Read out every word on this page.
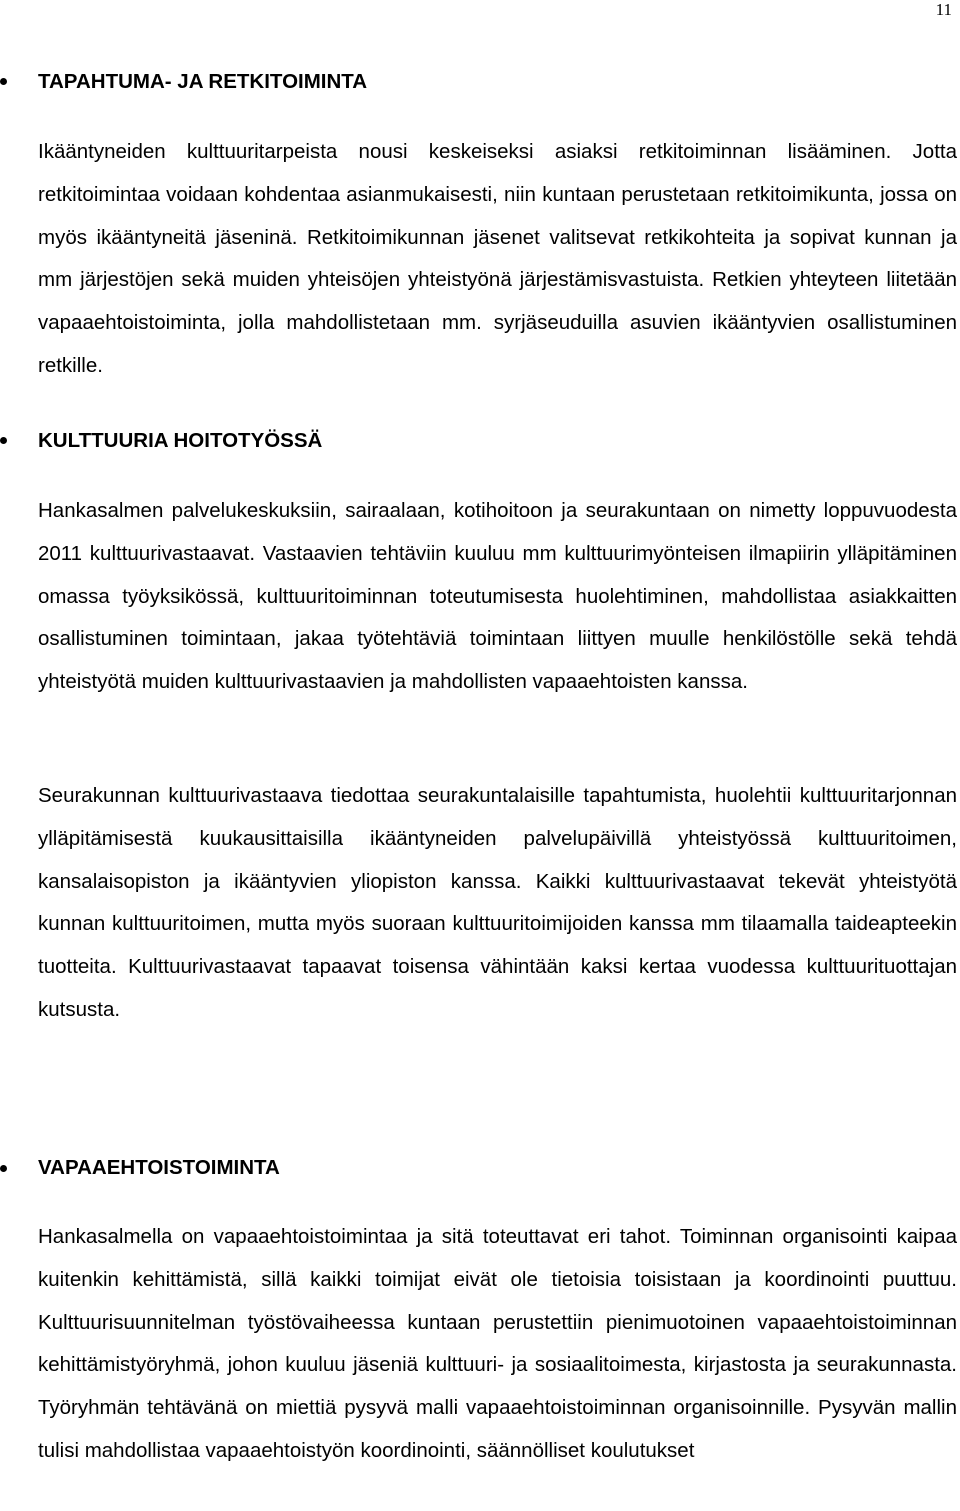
11
TAPAHTUMA- JA RETKITOIMINTA

Ikääntyneiden kulttuuritarpeista nousi keskeiseksi asiaksi retkitoiminnan lisääminen. Jotta retkitoimintaa voidaan kohdentaa asianmukaisesti, niin kuntaan perustetaan retkitoimikunta, jossa on myös ikääntyneitä jäseninä. Retkitoimikunnan jäsenet valitsevat retkikohteita ja sopivat kunnan ja mm järjestöjen sekä muiden yhteisöjen yhteistyönä järjestämisvastuista. Retkien yhteyteen liitetään vapaaehtoistoiminta, jolla mahdollistetaan mm. syrjäseuduilla asuvien ikääntyvien osallistuminen retkille.

KULTTUURIA HOITOTYÖSSÄ

Hankasalmen palvelukeskuksiin, sairaalaan, kotihoitoon ja seurakuntaan on nimetty loppuvuodesta 2011 kulttuurivastaavat. Vastaavien tehtäviin kuuluu mm kulttuurimyönteisen ilmapiirin ylläpitäminen omassa työyksikössä, kulttuuritoiminnan toteutumisesta huolehtiminen, mahdollistaa asiakkaitten osallistuminen toimintaan, jakaa työtehtäviä toimintaan liittyen muulle henkilöstölle sekä tehdä yhteistyötä muiden kulttuurivastaavien ja mahdollisten vapaaehtoisten kanssa.

Seurakunnan kulttuurivastaava tiedottaa seurakuntalaisille tapahtumista, huolehtii kulttuuritarjonnan ylläpitämisestä kuukausittaisilla ikääntyneiden palvelupäivillä yhteistyössä kulttuuritoimen, kansalaisopiston ja ikääntyvien yliopiston kanssa. Kaikki kulttuurivastaavat tekevät yhteistyötä kunnan kulttuuritoimen, mutta myös suoraan kulttuuritoimijoiden kanssa mm tilaamalla taideapteekin tuotteita. Kulttuurivastaavat tapaavat toisensa vähintään kaksi kertaa vuodessa kulttuurituottajan kutsusta.

VAPAAEHTOISTOIMINTA

Hankasalmella on vapaaehtoistoimintaa ja sitä toteuttavat eri tahot. Toiminnan organisointi kaipaa kuitenkin kehittämistä, sillä kaikki toimijat eivät ole tietoisia toisistaan ja koordinointi puuttuu. Kulttuurisuunnitelman työstövaiheessa kuntaan perustettiin pienimuotoinen vapaaehtoistoiminnan kehittämistyöryhmä, johon kuuluu jäseniä kulttuuri- ja sosiaalitoimesta, kirjastosta ja seurakunnasta. Työryhmän tehtävänä on miettiä pysyvä malli vapaaehtoistoiminnan organisoinnille. Pysyvän mallin tulisi mahdollistaa vapaaehtoistyön koordinointi, säännölliset koulutukset
